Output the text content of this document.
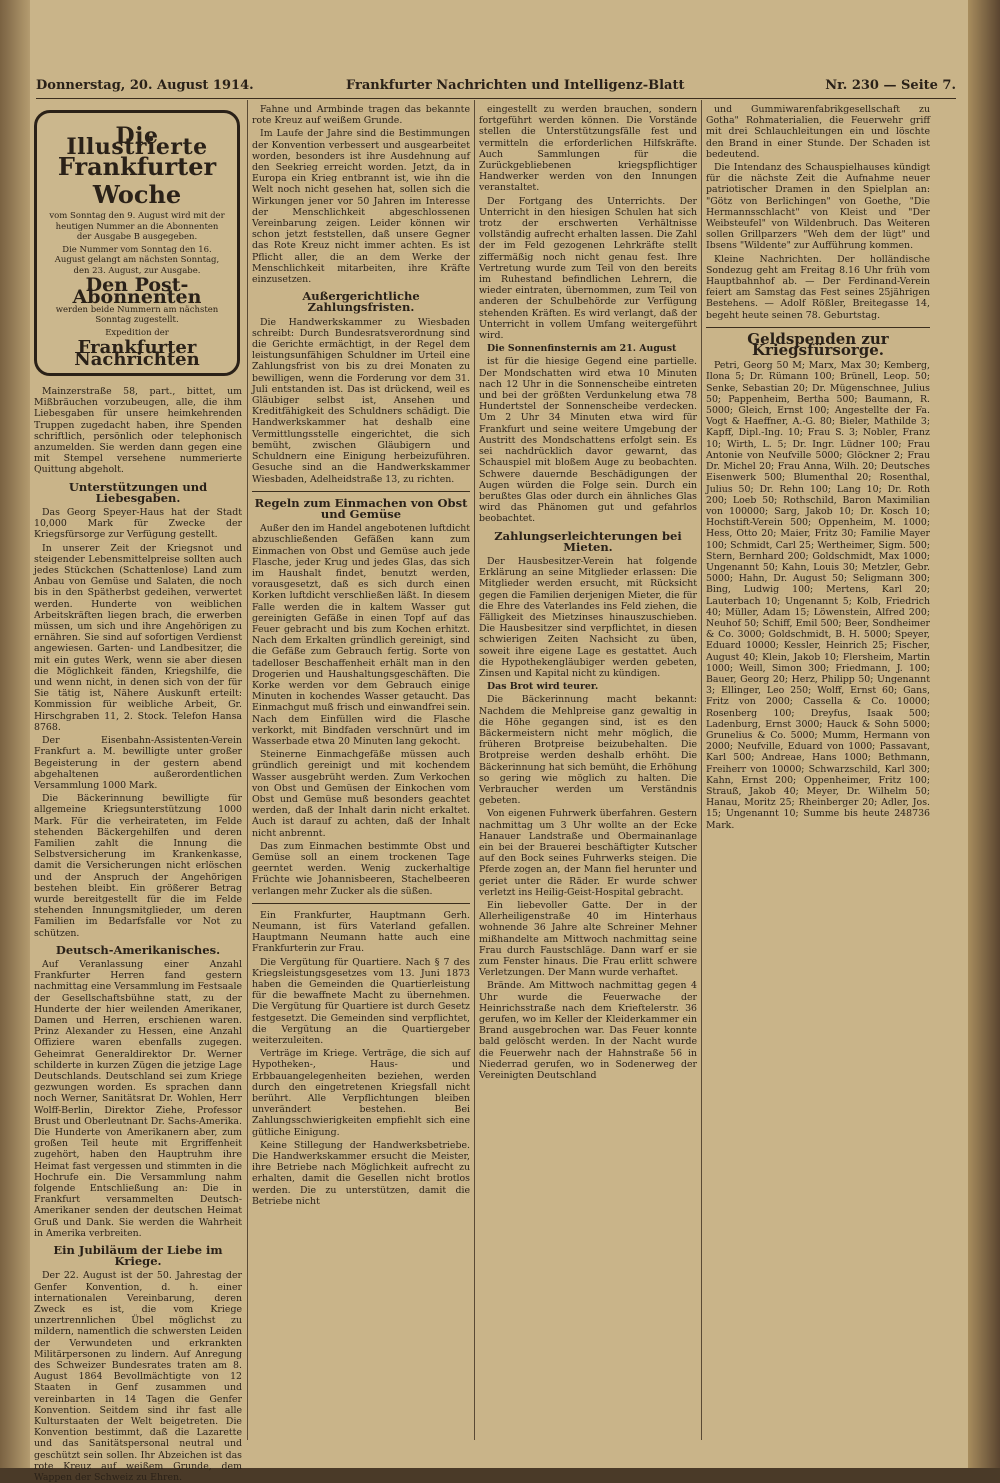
Donnerstag, 20. August 1914.	Frankfurter Nachrichten und Intelligenz-Blatt	Nr. 230 — Seite 7.
Die Illustrierte
Frankfurter Woche
vom Sonntag den 9. August wird mit der heutigen Nummer an die Abonnenten der Ausgabe B ausgegeben.
Die Nummer vom Sonntag den 16. August gelangt am nächsten Sonntag, den 23. August, zur Ausgabe.
Den Post-Abonnenten
werden beide Nummern am nächsten Sonntag zugestellt.
Expedition der
Frankfurter Nachrichten

Mainzerstraße 58, part., bittet, um Mißbräuchen vorzubeugen, alle, die ihm Liebesgaben für unsere heimkehrenden Truppen zugedacht haben, ihre Spenden schriftlich, persönlich oder telephonisch anzumelden. Sie werden dann gegen eine mit Stempel versehene nummerierte Quittung abgeholt.

Unterstützungen und Liebesgaben.

Das Georg Speyer-Haus hat der Stadt 10,000 Mark für Zwecke der Kriegsfürsorge zur Verfügung gestellt.

In unserer Zeit der Kriegsnot und steigender Lebensmittelpreise sollten auch jedes Stückchen (Schattenlose) Land zum Anbau von Gemüse und Salaten, die noch bis in den Spätherbst gedeihen, verwertet werden. Hunderte von weiblichen Arbeitskräften liegen brach, die erwerben müssen, um sich und ihre Angehörigen zu ernähren. Sie sind auf sofortigen Verdienst angewiesen. Garten- und Landbesitzer, die mit ein gutes Werk, wenn sie aber diesen die Möglichkeit fänden, Kriegshilfe, die und wenn nicht, in denen sich von der für Sie tätig ist, Nähere Auskunft erteilt: Kommission für weibliche Arbeit, Gr. Hirschgraben 11, 2. Stock. Telefon Hansa 8768.

Der Eisenbahn-Assistenten-Verein Frankfurt a. M. bewilligte unter großer Begeisterung in der gestern abend abgehaltenen außerordentlichen Versammlung 1000 Mark.

Die Bäckerinnung bewilligte für allgemeine Kriegsunterstützung 1000 Mark. Für die verheirateten, im Felde stehenden Bäckergehilfen und deren Familien zahlt die Innung die Selbstversicherung im Krankenkasse, damit die Versicherungen nicht erlöschen und der Anspruch der Angehörigen bestehen bleibt. Ein größerer Betrag wurde bereitgestellt für die im Felde stehenden Innungsmitglieder, um deren Familien im Bedarfsfalle vor Not zu schützen.

Deutsch-Amerikanisches.

Auf Veranlassung einer Anzahl Frankfurter Herren fand gestern nachmittag eine Versammlung im Festsaale der Gesellschaftsbühne statt, zu der Hunderte der hier weilenden Amerikaner, Damen und Herren, erschienen waren. Prinz Alexander zu Hessen, eine Anzahl Offiziere waren ebenfalls zugegen. Geheimrat Generaldirektor Dr. Werner schilderte in kurzen Zügen die jetzige Lage Deutschlands. Deutschland sei zum Kriege gezwungen worden. Es sprachen dann noch Werner, Sanitätsrat Dr. Wohlen, Herr Wolff-Berlin, Direktor Ziehe, Professor Brust und Oberleutnant Dr. Sachs-Amerika. Die Hunderte von Amerikanern aber, zum großen Teil heute mit Ergriffenheit zugehört, haben den Hauptruhm ihre Heimat fast vergessen und stimmten in die Hochrufe ein. Die Versammlung nahm folgende Entschließung an: Die in Frankfurt versammelten Deutsch-Amerikaner senden der deutschen Heimat Gruß und Dank. Sie werden die Wahrheit in Amerika verbreiten.

Ein Jubiläum der Liebe im Kriege.

Der 22. August ist der 50. Jahrestag der Genfer Konvention, d. h. einer internationalen Vereinbarung, deren Zweck es ist, die vom Kriege unzertrennlichen Übel möglichst zu mildern, namentlich die schwersten Leiden der Verwundeten und erkrankten Militärpersonen zu lindern. Auf Anregung des Schweizer Bundesrates traten am 8. August 1864 Bevollmächtigte von 12 Staaten in Genf zusammen und vereinbarten in 14 Tagen die Genfer Konvention. Seitdem sind ihr fast alle Kulturstaaten der Welt beigetreten. Die Konvention bestimmt, daß die Lazarette und das Sanitätspersonal neutral und geschützt sein sollen. Ihr Abzeichen ist das rote Kreuz auf weißem Grunde, dem Wappen der Schweiz zu Ehren.

Fahne und Armbinde tragen das bekannte rote Kreuz auf weißem Grunde.

Im Laufe der Jahre sind die Bestimmungen der Konvention verbessert und ausgearbeitet worden, besonders ist ihre Ausdehnung auf den Seekrieg erreicht worden. Jetzt, da in Europa ein Krieg entbrannt ist, wie ihn die Welt noch nicht gesehen hat, sollen sich die Wirkungen jener vor 50 Jahren im Interesse der Menschlichkeit abgeschlossenen Vereinbarung zeigen. Leider können wir schon jetzt feststellen, daß unsere Gegner das Rote Kreuz nicht immer achten. Es ist Pflicht aller, die an dem Werke der Menschlichkeit mitarbeiten, ihre Kräfte einzusetzen.

Außergerichtliche Zahlungsfristen.

Die Handwerkskammer zu Wiesbaden schreibt: Durch Bundesratsverordnung sind die Gerichte ermächtigt, in der Regel dem leistungsunfähigen Schuldner im Urteil eine Zahlungsfrist von bis zu drei Monaten zu bewilligen, wenn die Forderung vor dem 31. Juli entstanden ist. Das ist drückend, weil es Gläubiger selbst ist, Ansehen und Kreditfähigkeit des Schuldners schädigt. Die Handwerkskammer hat deshalb eine Vermittlungsstelle eingerichtet, die sich bemüht, zwischen Gläubigern und Schuldnern eine Einigung herbeizuführen. Gesuche sind an die Handwerkskammer Wiesbaden, Adelheidstraße 13, zu richten.

Regeln zum Einmachen von Obst und Gemüse

Außer den im Handel angebotenen luftdicht abzuschließenden Gefäßen kann zum Einmachen von Obst und Gemüse auch jede Flasche, jeder Krug und jedes Glas, das sich im Haushalt findet, benutzt werden, vorausgesetzt, daß es sich durch einen Korken luftdicht verschließen läßt. In diesem Falle werden die in kaltem Wasser gut gereinigten Gefäße in einen Topf auf das Feuer gebracht und bis zum Kochen erhitzt. Nach dem Erkalten gründlich gereinigt, sind die Gefäße zum Gebrauch fertig. Sorte von tadelloser Beschaffenheit erhält man in den Drogerien und Haushaltungsgeschäften. Die Korke werden vor dem Gebrauch einige Minuten in kochendes Wasser getaucht. Das Einmachgut muß frisch und einwandfrei sein. Nach dem Einfüllen wird die Flasche verkorkt, mit Bindfaden verschnürt und im Wasserbade etwa 20 Minuten lang gekocht.

Steinerne Einmachgefäße müssen auch gründlich gereinigt und mit kochendem Wasser ausgebrüht werden. Zum Verkochen von Obst und Gemüsen der Einkochen vom Obst und Gemüse muß besonders geachtet werden, daß der Inhalt darin nicht erkaltet. Auch ist darauf zu achten, daß der Inhalt nicht anbrennt.

Das zum Einmachen bestimmte Obst und Gemüse soll an einem trockenen Tage geerntet werden. Wenig zuckerhaltige Früchte wie Johannisbeeren, Stachelbeeren verlangen mehr Zucker als die süßen.

Ein Frankfurter, Hauptmann Gerh. Neumann, ist fürs Vaterland gefallen. Hauptmann Neumann hatte auch eine Frankfurterin zur Frau.

Die Vergütung für Quartiere. Nach § 7 des Kriegsleistungsgesetzes vom 13. Juni 1873 haben die Gemeinden die Quartierleistung für die bewaffnete Macht zu übernehmen. Die Vergütung für Quartiere ist durch Gesetz festgesetzt. Die Gemeinden sind verpflichtet, die Vergütung an die Quartiergeber weiterzuleiten.

Verträge im Kriege. Verträge, die sich auf Hypotheken-, Haus- und Erbbauangelegenheiten beziehen, werden durch den eingetretenen Kriegsfall nicht berührt. Alle Verpflichtungen bleiben unverändert bestehen. Bei Zahlungsschwierigkeiten empfiehlt sich eine gütliche Einigung.

Keine Stillegung der Handwerksbetriebe. Die Handwerkskammer ersucht die Meister, ihre Betriebe nach Möglichkeit aufrecht zu erhalten, damit die Gesellen nicht brotlos werden. Die zu unterstützen, damit die Betriebe nicht

eingestellt zu werden brauchen, sondern fortgeführt werden können. Die Vorstände stellen die Unterstützungsfälle fest und vermitteln die erforderlichen Hilfskräfte. Auch Sammlungen für die Zurückgebliebenen kriegspflichtiger Handwerker werden von den Innungen veranstaltet.

Der Fortgang des Unterrichts. Der Unterricht in den hiesigen Schulen hat sich trotz der erschwerten Verhältnisse vollständig aufrecht erhalten lassen. Die Zahl der im Feld gezogenen Lehrkräfte stellt ziffermäßig noch nicht genau fest. Ihre Vertretung wurde zum Teil von den bereits im Ruhestand befindlichen Lehrern, die wieder eintraten, übernommen, zum Teil von anderen der Schulbehörde zur Verfügung stehenden Kräften. Es wird verlangt, daß der Unterricht in vollem Umfang weitergeführt wird.

Die Sonnenfinsternis am 21. August

ist für die hiesige Gegend eine partielle. Der Mondschatten wird etwa 10 Minuten nach 12 Uhr in die Sonnenscheibe eintreten und bei der größten Verdunkelung etwa 78 Hundertstel der Sonnenscheibe verdecken. Um 2 Uhr 34 Minuten etwa wird für Frankfurt und seine weitere Umgebung der Austritt des Mondschattens erfolgt sein. Es sei nachdrücklich davor gewarnt, das Schauspiel mit bloßem Auge zu beobachten. Schwere dauernde Beschädigungen der Augen würden die Folge sein. Durch ein berußtes Glas oder durch ein ähnliches Glas wird das Phänomen gut und gefahrlos beobachtet.

Zahlungserleichterungen bei Mieten.

Der Hausbesitzer-Verein hat folgende Erklärung an seine Mitglieder erlassen: Die Mitglieder werden ersucht, mit Rücksicht gegen die Familien derjenigen Mieter, die für die Ehre des Vaterlandes ins Feld ziehen, die Fälligkeit des Mietzinses hinauszuschieben. Die Hausbesitzer sind verpflichtet, in diesen schwierigen Zeiten Nachsicht zu üben, soweit ihre eigene Lage es gestattet. Auch die Hypothekengläubiger werden gebeten, Zinsen und Kapital nicht zu kündigen.

Das Brot wird teurer.

Die Bäckerinnung macht bekannt: Nachdem die Mehlpreise ganz gewaltig in die Höhe gegangen sind, ist es den Bäckermeistern nicht mehr möglich, die früheren Brotpreise beizubehalten. Die Brotpreise werden deshalb erhöht. Die Bäckerinnung hat sich bemüht, die Erhöhung so gering wie möglich zu halten. Die Verbraucher werden um Verständnis gebeten.

Von eigenen Fuhrwerk überfahren. Gestern nachmittag um 3 Uhr wollte an der Ecke Hanauer Landstraße und Obermainanlage ein bei der Brauerei beschäftigter Kutscher auf den Bock seines Fuhrwerks steigen. Die Pferde zogen an, der Mann fiel herunter und geriet unter die Räder. Er wurde schwer verletzt ins Heilig-Geist-Hospital gebracht.

Ein liebevoller Gatte. Der in der Allerheiligenstraße 40 im Hinterhaus wohnende 36 Jahre alte Schreiner Mehner mißhandelte am Mittwoch nachmittag seine Frau durch Faustschläge. Dann warf er sie zum Fenster hinaus. Die Frau erlitt schwere Verletzungen. Der Mann wurde verhaftet.

Brände. Am Mittwoch nachmittag gegen 4 Uhr wurde die Feuerwache der Heinrichsstraße nach dem Krieftelerstr. 36 gerufen, wo im Keller der Kleiderkammer ein Brand ausgebrochen war. Das Feuer konnte bald gelöscht werden. In der Nacht wurde die Feuerwehr nach der Hahnstraße 56 in Niederrad gerufen, wo in Sodenerweg der Vereinigten Deutschland

und Gummiwarenfabrikgesellschaft zu Gotha" Rohmaterialien, die Feuerwehr griff mit drei Schlauchleitungen ein und löschte den Brand in einer Stunde. Der Schaden ist bedeutend.

Die Intendanz des Schauspielhauses kündigt für die nächste Zeit die Aufnahme neuer patriotischer Dramen in den Spielplan an: "Götz von Berlichingen" von Goethe, "Die Hermannsschlacht" von Kleist und "Der Weibsteufel" von Wildenbruch. Das Weiteren sollen Grillparzers "Weh dem der lügt" und Ibsens "Wildente" zur Aufführung kommen.

Kleine Nachrichten. Der holländische Sondezug geht am Freitag 8.16 Uhr früh vom Hauptbahnhof ab. — Der Ferdinand-Verein feiert am Samstag das Fest seines 25jährigen Bestehens. — Adolf Rößler, Breitegasse 14, begeht heute seinen 78. Geburtstag.

Geldspenden zur Kriegsfürsorge.

Petri, Georg 50 M; Marx, Max 30; Kemberg, Ilona 5; Dr. Rümann 100; Brünell, Leop. 50; Senke, Sebastian 20; Dr. Mügenschnee, Julius 50; Pappenheim, Bertha 500; Baumann, R. 5000; Gleich, Ernst 100; Angestellte der Fa. Vogt & Haeffner, A.-G. 80; Bieler, Mathilde 3; Kapff, Dipl.-Ing. 10; Frau S. 3; Nobler, Franz 10; Wirth, L. 5; Dr. Ingr. Lüdner 100; Frau Antonie von Neufville 5000; Glöckner 2; Frau Dr. Michel 20; Frau Anna, Wilh. 20; Deutsches Eisenwerk 500; Blumenthal 20; Rosenthal, Julius 50; Dr. Rehn 100; Lang 10; Dr. Roth 200; Loeb 50; Rothschild, Baron Maximilian von 100000; Sarg, Jakob 10; Dr. Kosch 10; Hochstift-Verein 500; Oppenheim, M. 1000; Hess, Otto 20; Maier, Fritz 30; Familie Mayer 100; Schmidt, Carl 25; Wertheimer, Sigm. 500; Stern, Bernhard 200; Goldschmidt, Max 1000; Ungenannt 50; Kahn, Louis 30; Metzler, Gebr. 5000; Hahn, Dr. August 50; Seligmann 300; Bing, Ludwig 100; Mertens, Karl 20; Lauterbach 10; Ungenannt 5; Kolb, Friedrich 40; Müller, Adam 15; Löwenstein, Alfred 200; Neuhof 50; Schiff, Emil 500; Beer, Sondheimer & Co. 3000; Goldschmidt, B. H. 5000; Speyer, Eduard 10000; Kessler, Heinrich 25; Fischer, August 40; Klein, Jakob 10; Flersheim, Martin 1000; Weill, Simon 300; Friedmann, J. 100; Bauer, Georg 20; Herz, Philipp 50; Ungenannt 3; Ellinger, Leo 250; Wolff, Ernst 60; Gans, Fritz von 2000; Cassella & Co. 10000; Rosenberg 100; Dreyfus, Isaak 500; Ladenburg, Ernst 3000; Hauck & Sohn 5000; Grunelius & Co. 5000; Mumm, Hermann von 2000; Neufville, Eduard von 1000; Passavant, Karl 500; Andreae, Hans 1000; Bethmann, Freiherr von 10000; Schwarzschild, Karl 300; Kahn, Ernst 200; Oppenheimer, Fritz 100; Strauß, Jakob 40; Meyer, Dr. Wilhelm 50; Hanau, Moritz 25; Rheinberger 20; Adler, Jos. 15; Ungenannt 10; Summe bis heute 248736 Mark.
